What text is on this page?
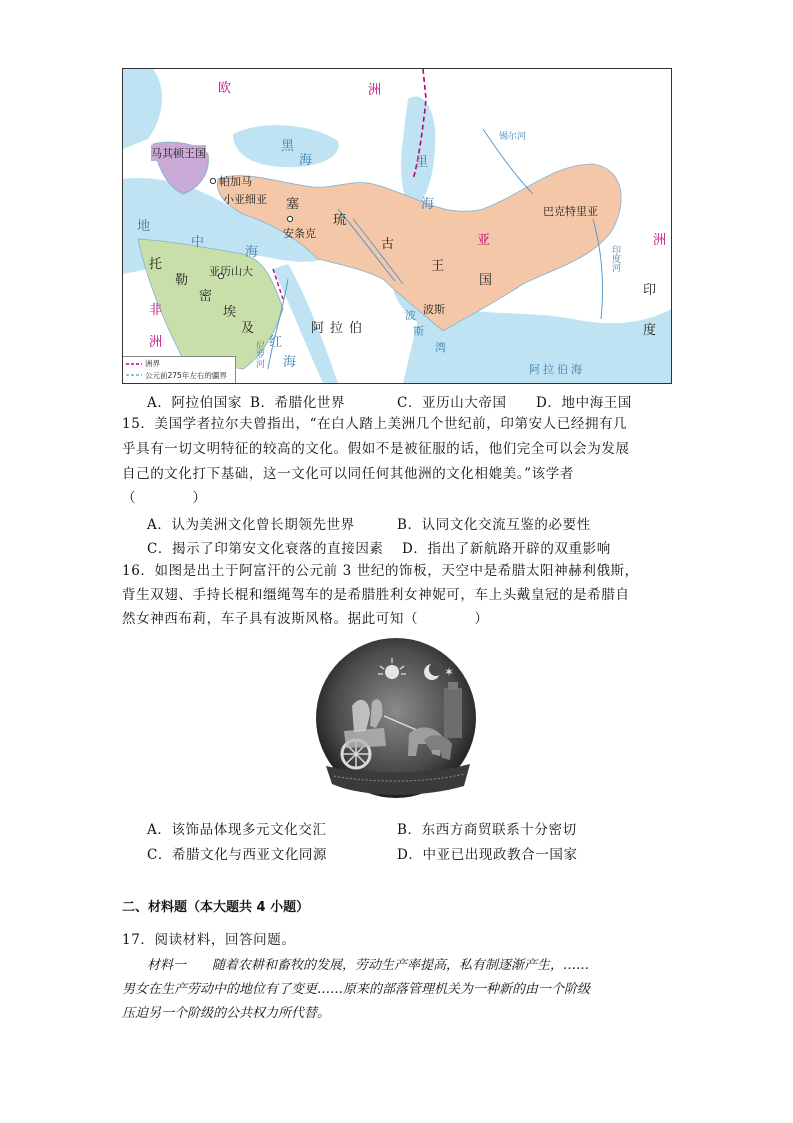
欧	洲
马其顿王国
帕加马
小亚细亚 塞
琉
古
王
国
安条克
巴克特里亚
亚历山大
波斯
阿拉伯
阿拉伯海
亚	洲
印
度
非
洲
托
勒
密
埃
及
黑
海	里
海
地
中
海
红
海
波
斯
湾
尼罗河
印度河
锡尔河
洲界
公元前275年左右的疆界
A．阿拉伯国家 B．希腊化世界	C．亚历山大帝国 D．地中海王国
15．美国学者拉尔夫曾指出，“在白人踏上美洲几个世纪前，印第安人已经拥有几
乎具有一切文明特征的较高的文化。假如不是被征服的话，他们完全可以会为发展
自己的文化打下基础，这一文化可以同任何其他洲的文化相媲美。”该学者
（　　　　）
A．认为美洲文化曾长期领先世界	B．认同文化交流互鉴的必要性
C．揭示了印第安文化衰落的直接因素 D．指出了新航路开辟的双重影响
16．如图是出土于阿富汗的公元前 3 世纪的饰板，天空中是希腊太阳神赫利俄斯，
背生双翅、手持长棍和缰绳驾车的是希腊胜利女神妮可，车上头戴皇冠的是希腊自
然女神西布莉，车子具有波斯风格。据此可知（　　　　）
✶
A．该饰品体现多元文化交汇	B．东西方商贸联系十分密切
C．希腊文化与西亚文化同源	D．中亚已出现政教合一国家
二、材料题（本大题共 4 小题）
17．阅读材料，回答问题。
材料一　　随着农耕和畜牧的发展，劳动生产率提高，私有制逐渐产生，……
男女在生产劳动中的地位有了变更……原来的部落管理机关为一种新的由一个阶级
压迫另一个阶级的公共权力所代替。
